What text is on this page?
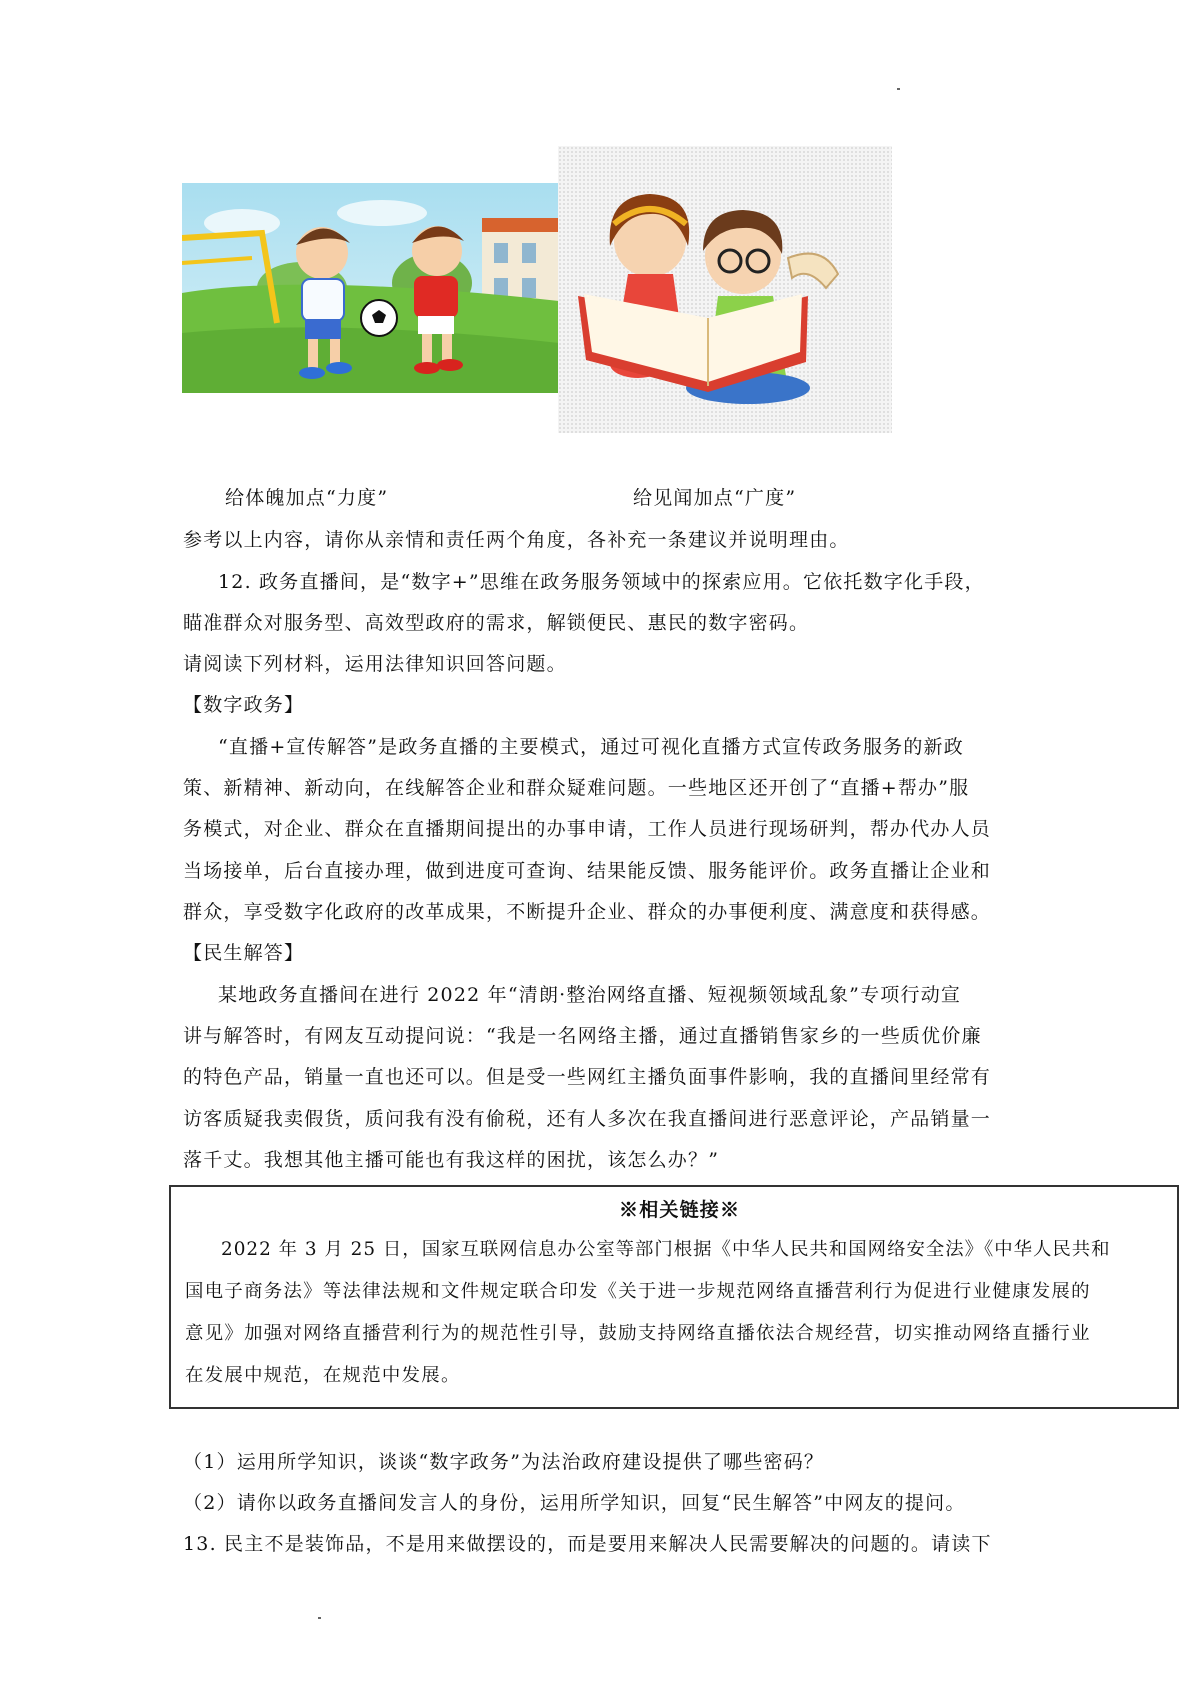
给体魄加点“力度”	给见闻加点“广度”
参考以上内容，请你从亲情和责任两个角度，各补充一条建议并说明理由。
12. 政务直播间，是“数字+”思维在政务服务领域中的探索应用。它依托数字化手段，
瞄准群众对服务型、高效型政府的需求，解锁便民、惠民的数字密码。
请阅读下列材料，运用法律知识回答问题。
【数字政务】
“直播+宣传解答”是政务直播的主要模式，通过可视化直播方式宣传政务服务的新政
策、新精神、新动向，在线解答企业和群众疑难问题。一些地区还开创了“直播+帮办”服
务模式，对企业、群众在直播期间提出的办事申请，工作人员进行现场研判，帮办代办人员
当场接单，后台直接办理，做到进度可查询、结果能反馈、服务能评价。政务直播让企业和
群众，享受数字化政府的改革成果，不断提升企业、群众的办事便利度、满意度和获得感。
【民生解答】
某地政务直播间在进行 2022 年“清朗·整治网络直播、短视频领域乱象”专项行动宣
讲与解答时，有网友互动提问说：“我是一名网络主播，通过直播销售家乡的一些质优价廉
的特色产品，销量一直也还可以。但是受一些网红主播负面事件影响，我的直播间里经常有
访客质疑我卖假货，质问我有没有偷税，还有人多次在我直播间进行恶意评论，产品销量一
落千丈。我想其他主播可能也有我这样的困扰，该怎么办？”
※相关链接※
2022 年 3 月 25 日，国家互联网信息办公室等部门根据《中华人民共和国网络安全法》《中华人民共和
国电子商务法》等法律法规和文件规定联合印发《关于进一步规范网络直播营利行为促进行业健康发展的
意见》加强对网络直播营利行为的规范性引导，鼓励支持网络直播依法合规经营，切实推动网络直播行业
在发展中规范，在规范中发展。
（1）运用所学知识，谈谈“数字政务”为法治政府建设提供了哪些密码？
（2）请你以政务直播间发言人的身份，运用所学知识，回复“民生解答”中网友的提问。
13. 民主不是装饰品，不是用来做摆设的，而是要用来解决人民需要解决的问题的。请读下
